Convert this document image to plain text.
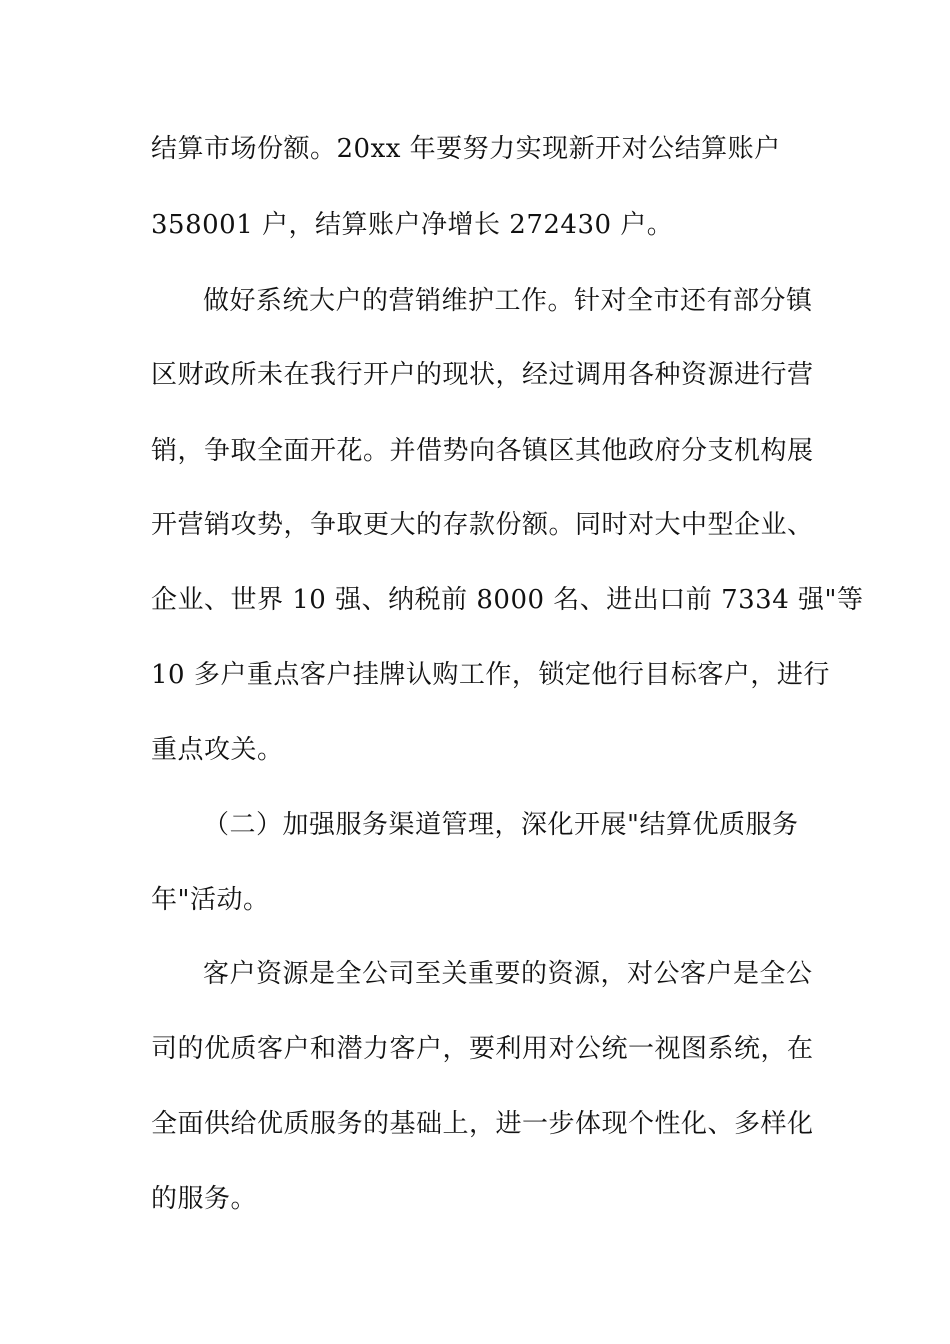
结算市场份额。20xx 年要努力实现新开对公结算账户
358001 户，结算账户净增长 272430 户。
做好系统大户的营销维护工作。针对全市还有部分镇
区财政所未在我行开户的现状，经过调用各种资源进行营
销，争取全面开花。并借势向各镇区其他政府分支机构展
开营销攻势，争取更大的存款份额。同时对大中型企业、
企业、世界 10 强、纳税前 8000 名、进出口前 7334 强"等
10 多户重点客户挂牌认购工作，锁定他行目标客户，进行
重点攻关。
（二）加强服务渠道管理，深化开展"结算优质服务
年"活动。
客户资源是全公司至关重要的资源，对公客户是全公
司的优质客户和潜力客户，要利用对公统一视图系统，在
全面供给优质服务的基础上，进一步体现个性化、多样化
的服务。
